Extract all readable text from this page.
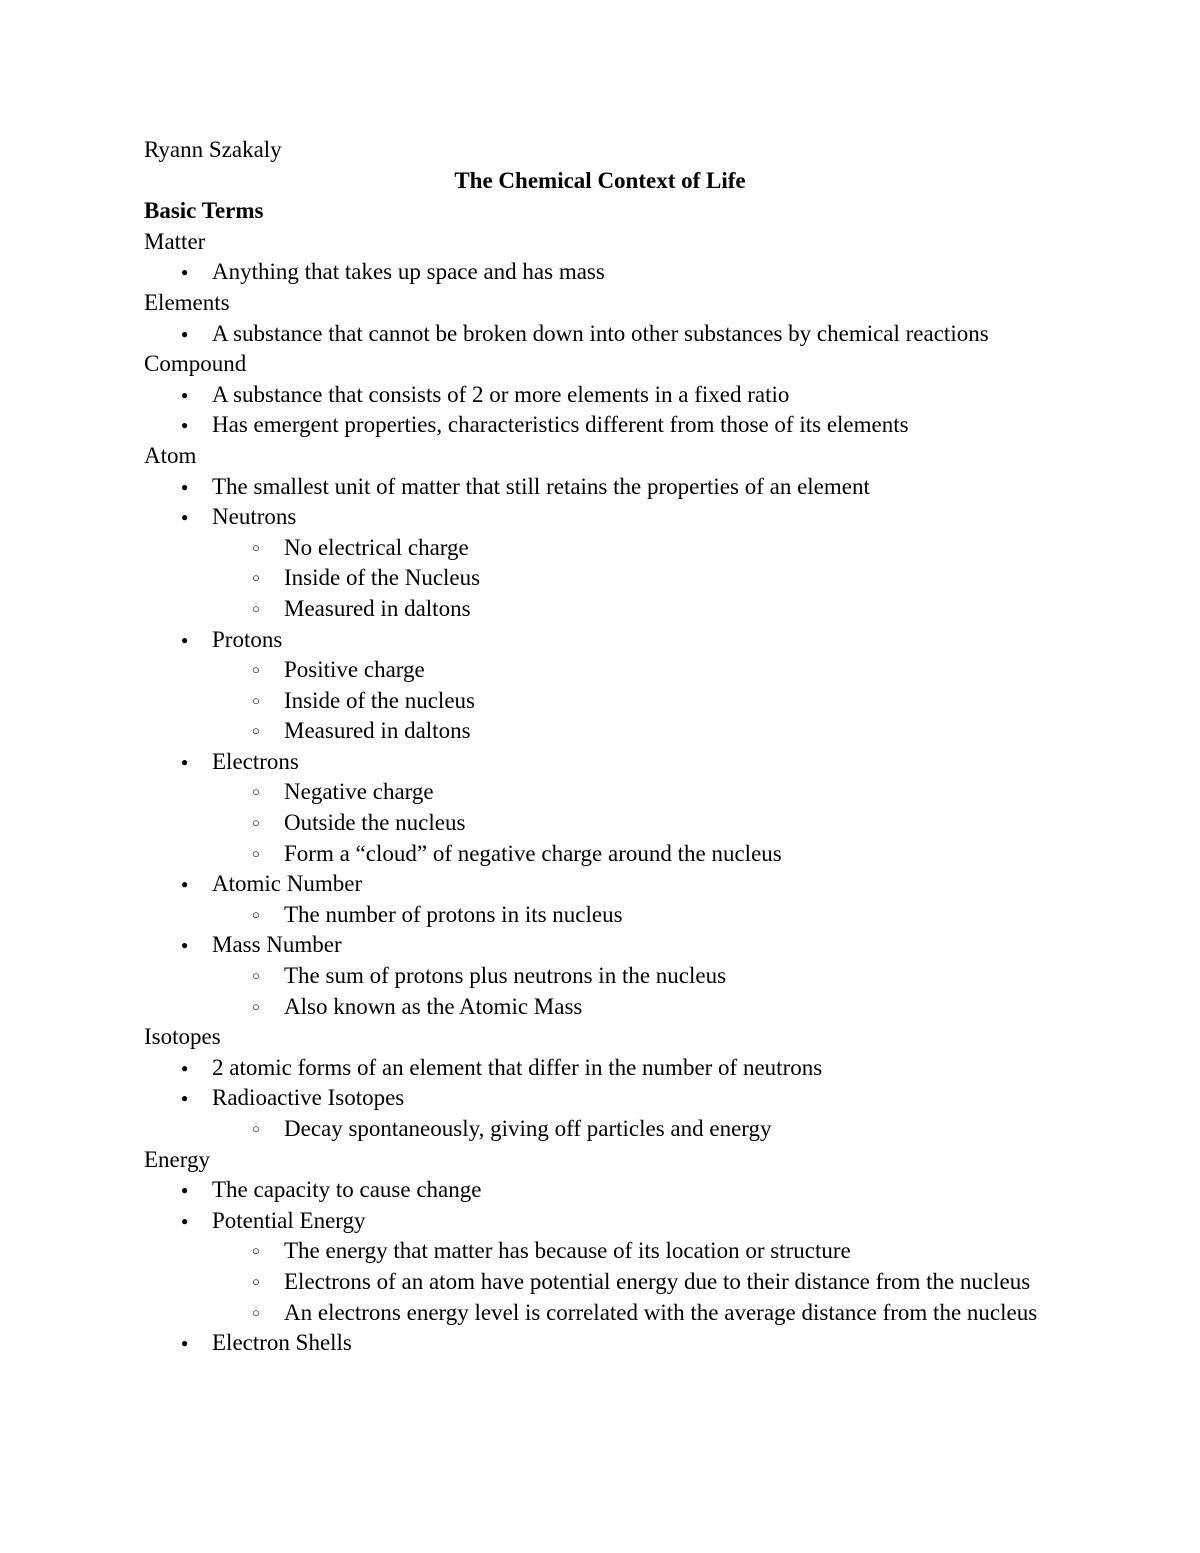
Ryann Szakaly
The Chemical Context of Life
Basic Terms
Matter
● Anything that takes up space and has mass
Elements
● A substance that cannot be broken down into other substances by chemical reactions
Compound
● A substance that consists of 2 or more elements in a fixed ratio
● Has emergent properties, characteristics different from those of its elements
Atom
● The smallest unit of matter that still retains the properties of an element
● Neutrons
○ No electrical charge
○ Inside of the Nucleus
○ Measured in daltons
● Protons
○ Positive charge
○ Inside of the nucleus
○ Measured in daltons
● Electrons
○ Negative charge
○ Outside the nucleus
○ Form a “cloud” of negative charge around the nucleus
● Atomic Number
○ The number of protons in its nucleus
● Mass Number
○ The sum of protons plus neutrons in the nucleus
○ Also known as the Atomic Mass
Isotopes
● 2 atomic forms of an element that differ in the number of neutrons
● Radioactive Isotopes
○ Decay spontaneously, giving off particles and energy
Energy
● The capacity to cause change
● Potential Energy
○ The energy that matter has because of its location or structure
○ Electrons of an atom have potential energy due to their distance from the nucleus
○ An electrons energy level is correlated with the average distance from the nucleus
● Electron Shells
